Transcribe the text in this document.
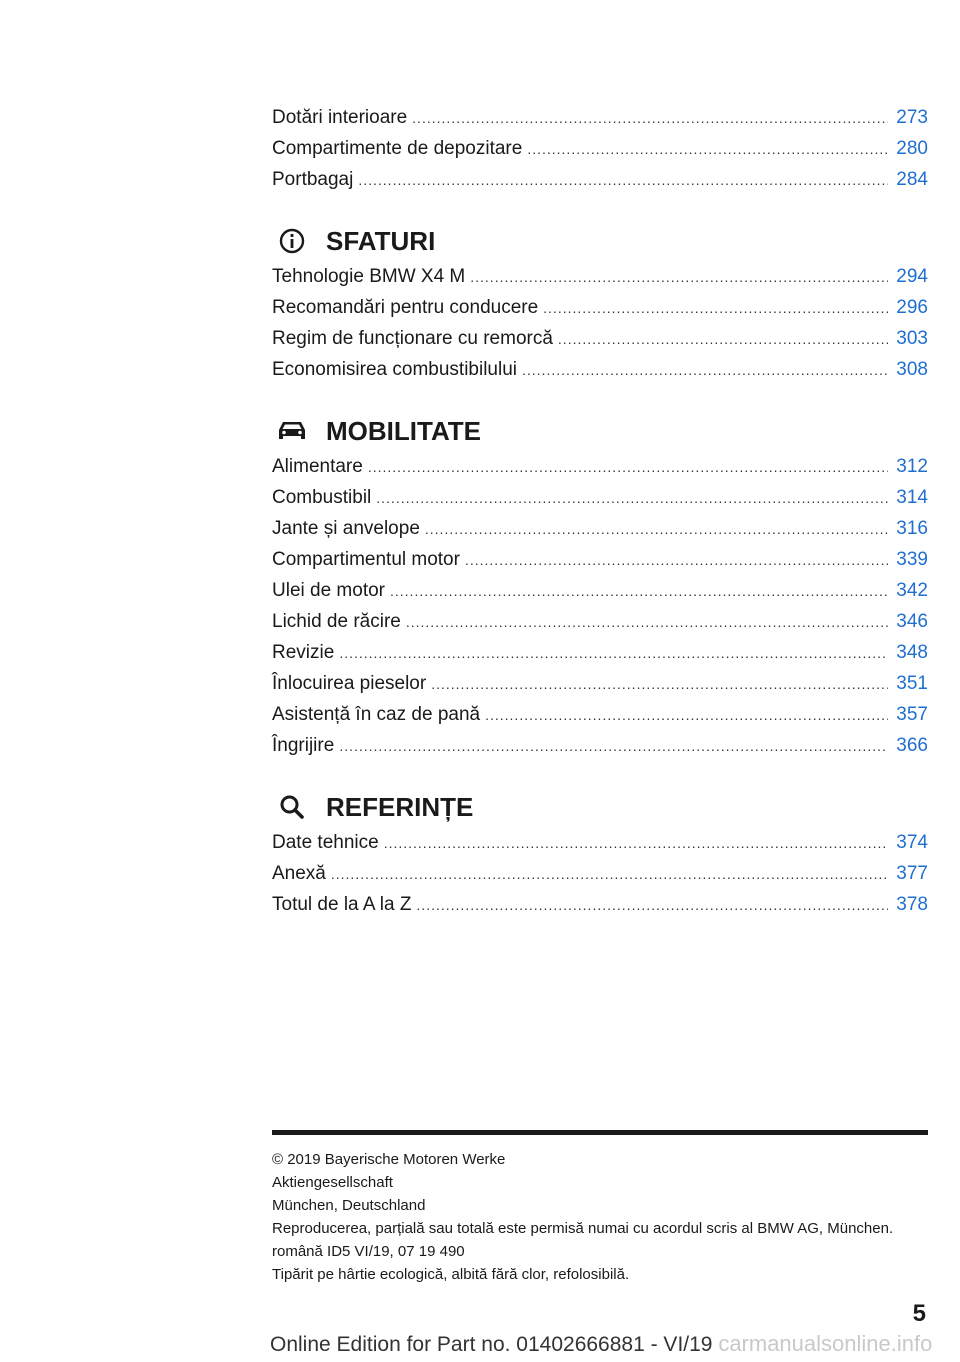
Dotări interioare .....	273
Compartimente de depozitare .....	280
Portbagaj .....	284
SFATURI
Tehnologie BMW X4 M .....	294
Recomandări pentru conducere .....	296
Regim de funcționare cu remorcă .....	303
Economisirea combustibilului .....	308
MOBILITATE
Alimentare .....	312
Combustibil .....	314
Jante și anvelope .....	316
Compartimentul motor .....	339
Ulei de motor .....	342
Lichid de răcire .....	346
Revizie .....	348
Înlocuirea pieselor .....	351
Asistență în caz de pană .....	357
Îngrijire .....	366
REFERINȚE
Date tehnice .....	374
Anexă .....	377
Totul de la A la Z .....	378
© 2019 Bayerische Motoren Werke
Aktiengesellschaft
München, Deutschland
Reproducerea, parțială sau totală este permisă numai cu acordul scris al BMW AG, München.
română ID5 VI/19, 07 19 490
Tipărit pe hârtie ecologică, albită fără clor, refolosibilă.
5
Online Edition for Part no. 01402666881 - VI/19 carmanualsonline.info
